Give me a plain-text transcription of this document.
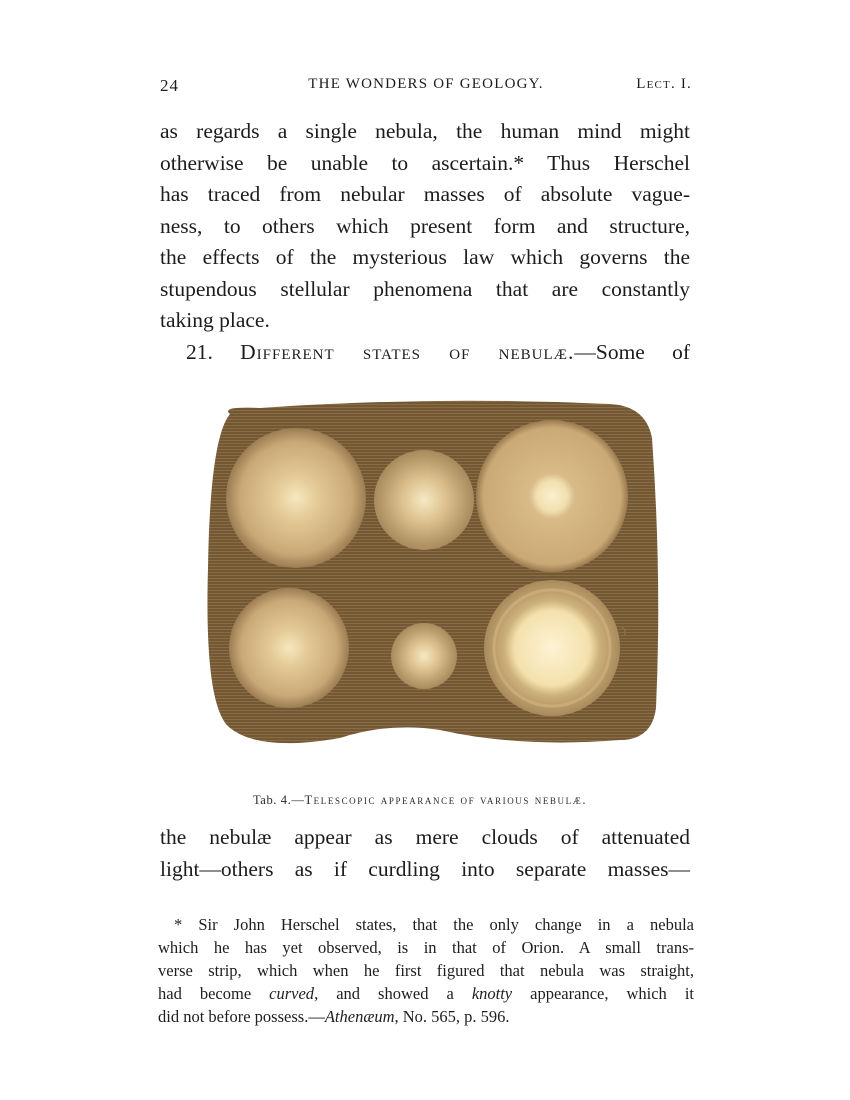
24	THE WONDERS OF GEOLOGY.	Lect. I.
as regards a single nebula, the human mind might
otherwise be unable to ascertain.* Thus Herschel
has traced from nebular masses of absolute vague-
ness, to others which present form and structure,
the effects of the mysterious law which governs the
stupendous stellular phenomena that are constantly
taking place.
21. Different states of nebulæ.—Some of
Tab. 4.—Telescopic appearance of various nebulæ.
the nebulæ appear as mere clouds of attenuated
light—others as if curdling into separate masses—
* Sir John Herschel states, that the only change in a nebula
which he has yet observed, is in that of Orion. A small trans-
verse strip, which when he first figured that nebula was straight,
had become curved, and showed a knotty appearance, which it
did not before possess.—Athenæum, No. 565, p. 596.
